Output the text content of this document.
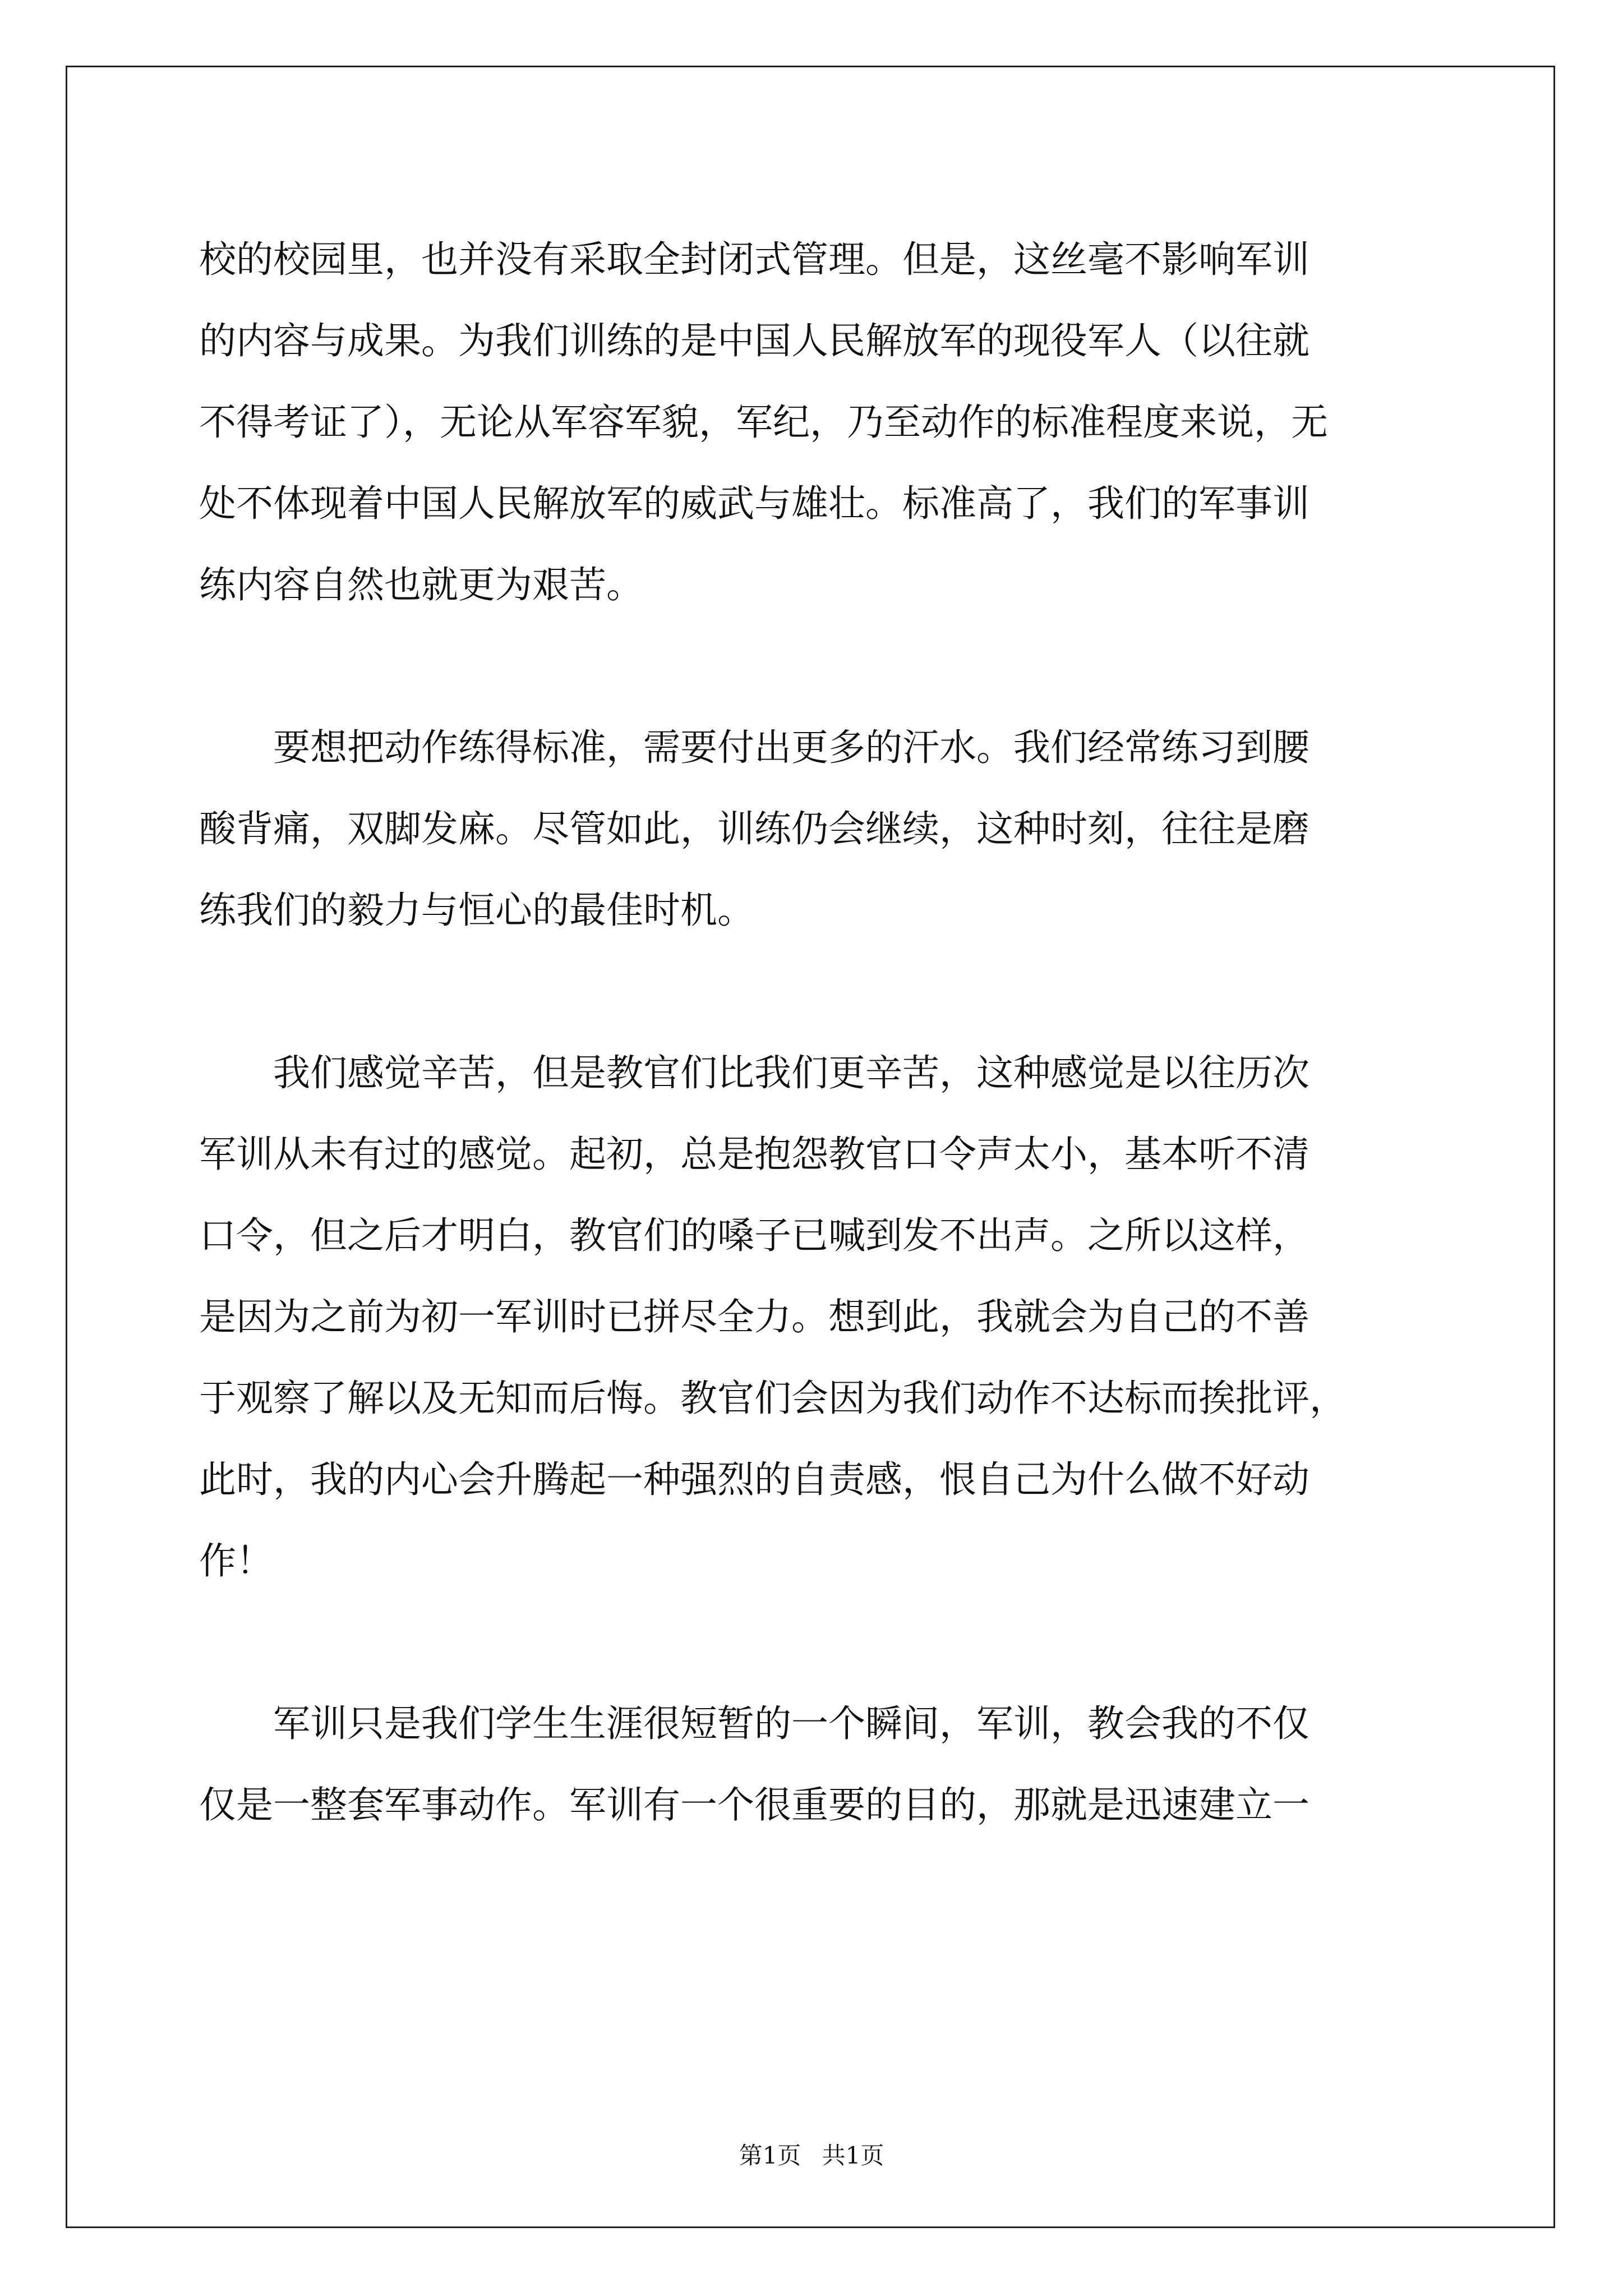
校的校园里，也并没有采取全封闭式管理。但是，这丝毫不影响军训
的内容与成果。为我们训练的是中国人民解放军的现役军人（以往就
不得考证了），无论从军容军貌，军纪，乃至动作的标准程度来说，无
处不体现着中国人民解放军的威武与雄壮。标准高了，我们的军事训
练内容自然也就更为艰苦。
　　要想把动作练得标准，需要付出更多的汗水。我们经常练习到腰
酸背痛，双脚发麻。尽管如此，训练仍会继续，这种时刻，往往是磨
练我们的毅力与恒心的最佳时机。
　　我们感觉辛苦，但是教官们比我们更辛苦，这种感觉是以往历次
军训从未有过的感觉。起初，总是抱怨教官口令声太小，基本听不清
口令，但之后才明白，教官们的嗓子已喊到发不出声。之所以这样，
是因为之前为初一军训时已拼尽全力。想到此，我就会为自己的不善
于观察了解以及无知而后悔。教官们会因为我们动作不达标而挨批评，
此时，我的内心会升腾起一种强烈的自责感，恨自己为什么做不好动
作！
　　军训只是我们学生生涯很短暂的一个瞬间，军训，教会我的不仅
仅是一整套军事动作。军训有一个很重要的目的，那就是迅速建立一
第1页 共1页
